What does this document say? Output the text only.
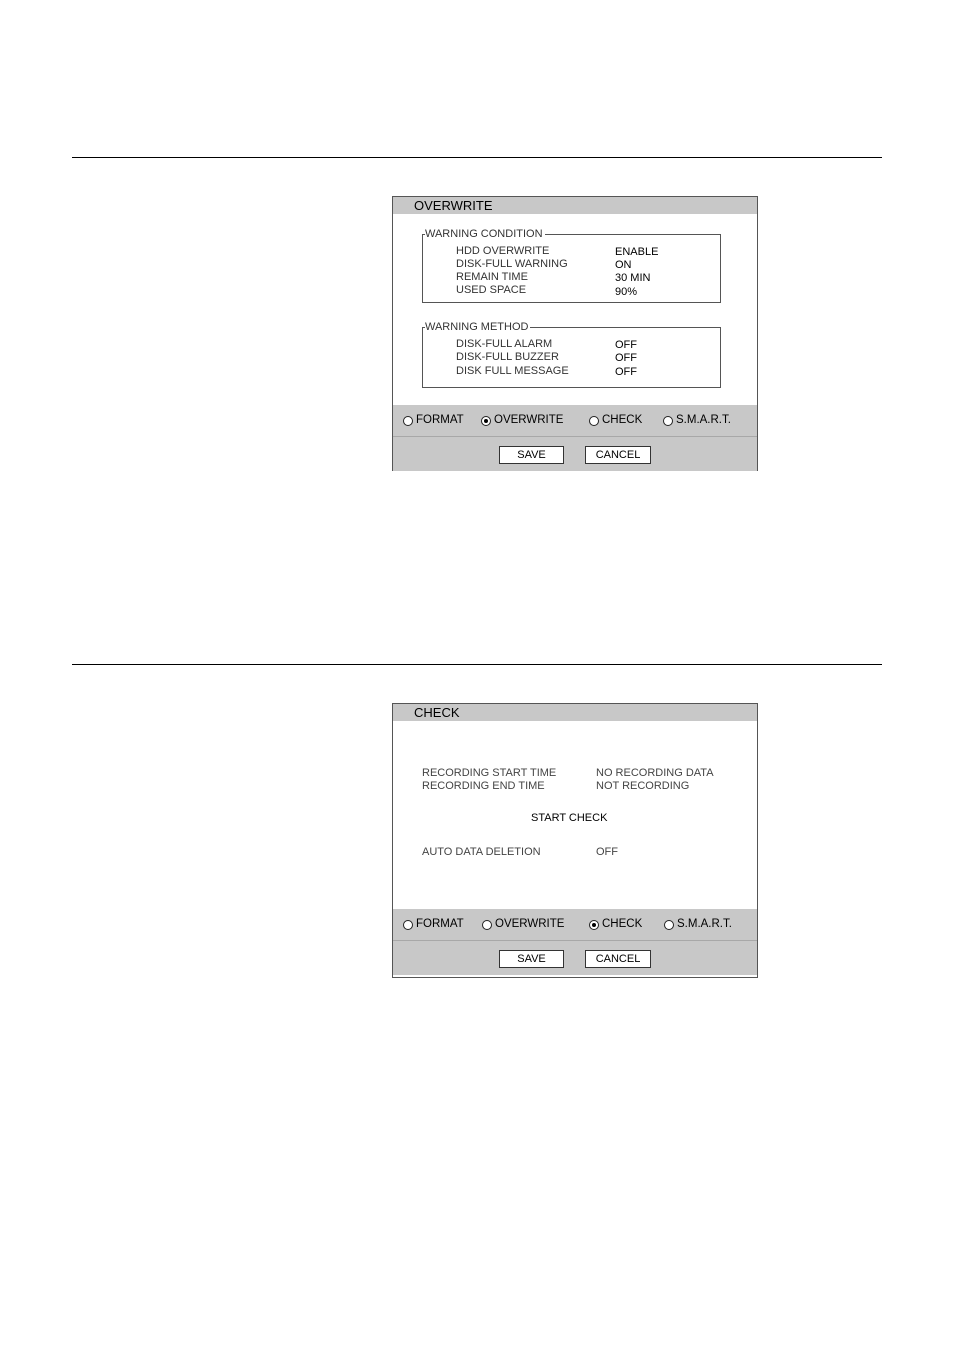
OVERWRITE
WARNING CONDITION
HDD OVERWRITE	ENABLE
DISK-FULL WARNING	ON
REMAIN TIME	30 MIN
USED SPACE	90%
WARNING METHOD
DISK-FULL ALARM	OFF
DISK-FULL BUZZER	OFF
DISK FULL MESSAGE	OFF
FORMAT	OVERWRITE	CHECK	S.M.A.R.T.
SAVE	CANCEL
CHECK
RECORDING START TIME	NO RECORDING DATA
RECORDING END TIME	NOT RECORDING
START CHECK
AUTO DATA DELETION	OFF
FORMAT	OVERWRITE	CHECK	S.M.A.R.T.
SAVE	CANCEL
